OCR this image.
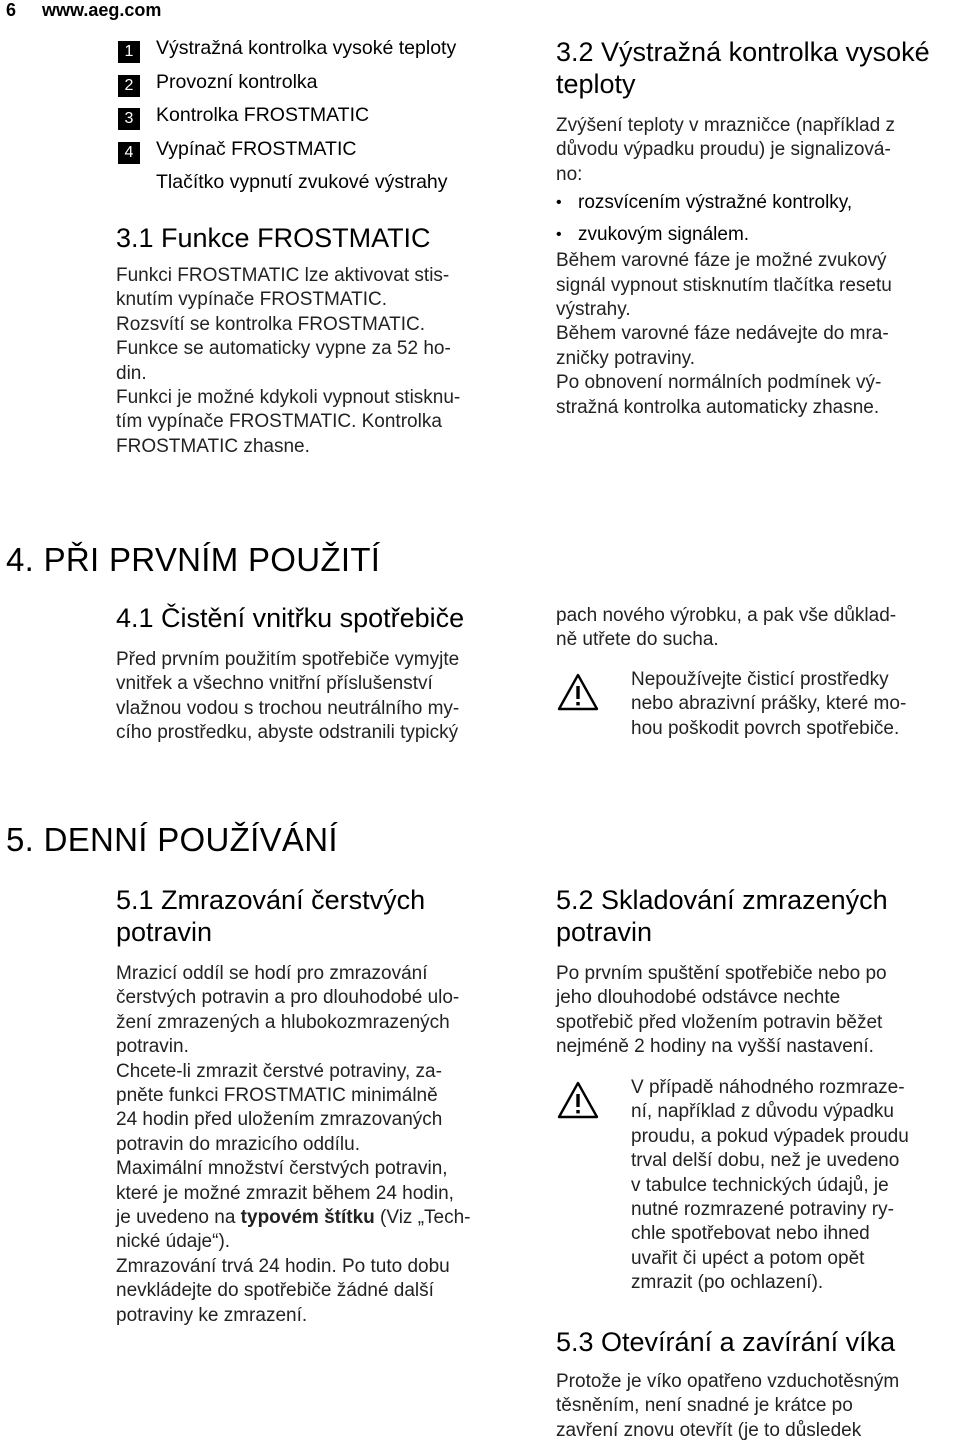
6 www.aeg.com
1	Výstražná kontrolka vysoké teploty
2	Provozní kontrolka
3	Kontrolka FROSTMATIC
4	Vypínač FROSTMATIC
Tlačítko vypnutí zvukové výstrahy
3.1 Funkce FROSTMATIC
Funkci FROSTMATIC lze aktivovat stis-
knutím vypínače FROSTMATIC.
Rozsvítí se kontrolka FROSTMATIC.
Funkce se automaticky vypne za 52 ho-
din.
Funkci je možné kdykoli vypnout stisknu-
tím vypínače FROSTMATIC. Kontrolka
FROSTMATIC zhasne.
3.2 Výstražná kontrolka vysoké
teploty
Zvýšení teploty v mrazničce (například z
důvodu výpadku proudu) je signalizová-
no:
• rozsvícením výstražné kontrolky,
• zvukovým signálem.
Během varovné fáze je možné zvukový
signál vypnout stisknutím tlačítka resetu
výstrahy.
Během varovné fáze nedávejte do mra-
zničky potraviny.
Po obnovení normálních podmínek vý-
stražná kontrolka automaticky zhasne.
4. PŘI PRVNÍM POUŽITÍ
4.1 Čistění vnitřku spotřebiče
Před prvním použitím spotřebiče vymyjte
vnitřek a všechno vnitřní příslušenství
vlažnou vodou s trochou neutrálního my-
cího prostředku, abyste odstranili typický
pach nového výrobku, a pak vše důklad-
ně utřete do sucha.
Nepoužívejte čisticí prostředky
nebo abrazivní prášky, které mo-
hou poškodit povrch spotřebiče.
5. DENNÍ POUŽÍVÁNÍ
5.1 Zmrazování čerstvých
potravin
Mrazicí oddíl se hodí pro zmrazování
čerstvých potravin a pro dlouhodobé ulo-
žení zmrazených a hlubokozmrazených
potravin.
Chcete-li zmrazit čerstvé potraviny, za-
pněte funkci FROSTMATIC minimálně
24 hodin před uložením zmrazovaných
potravin do mrazicího oddílu.
Maximální množství čerstvých potravin,
které je možné zmrazit během 24 hodin,
je uvedeno na typovém štítku (Viz „Tech-
nické údaje“).
Zmrazování trvá 24 hodin. Po tuto dobu
nevkládejte do spotřebiče žádné další
potraviny ke zmrazení.
5.2 Skladování zmrazených
potravin
Po prvním spuštění spotřebiče nebo po
jeho dlouhodobé odstávce nechte
spotřebič před vložením potravin běžet
nejméně 2 hodiny na vyšší nastavení.
V případě náhodného rozmraze-
ní, například z důvodu výpadku
proudu, a pokud výpadek proudu
trval delší dobu, než je uvedeno
v tabulce technických údajů, je
nutné rozmrazené potraviny ry-
chle spotřebovat nebo ihned
uvařit či upéct a potom opět
zmrazit (po ochlazení).
5.3 Otevírání a zavírání víka
Protože je víko opatřeno vzduchotěsným
těsněním, není snadné je krátce po
zavření znovu otevřít (je to důsledek
